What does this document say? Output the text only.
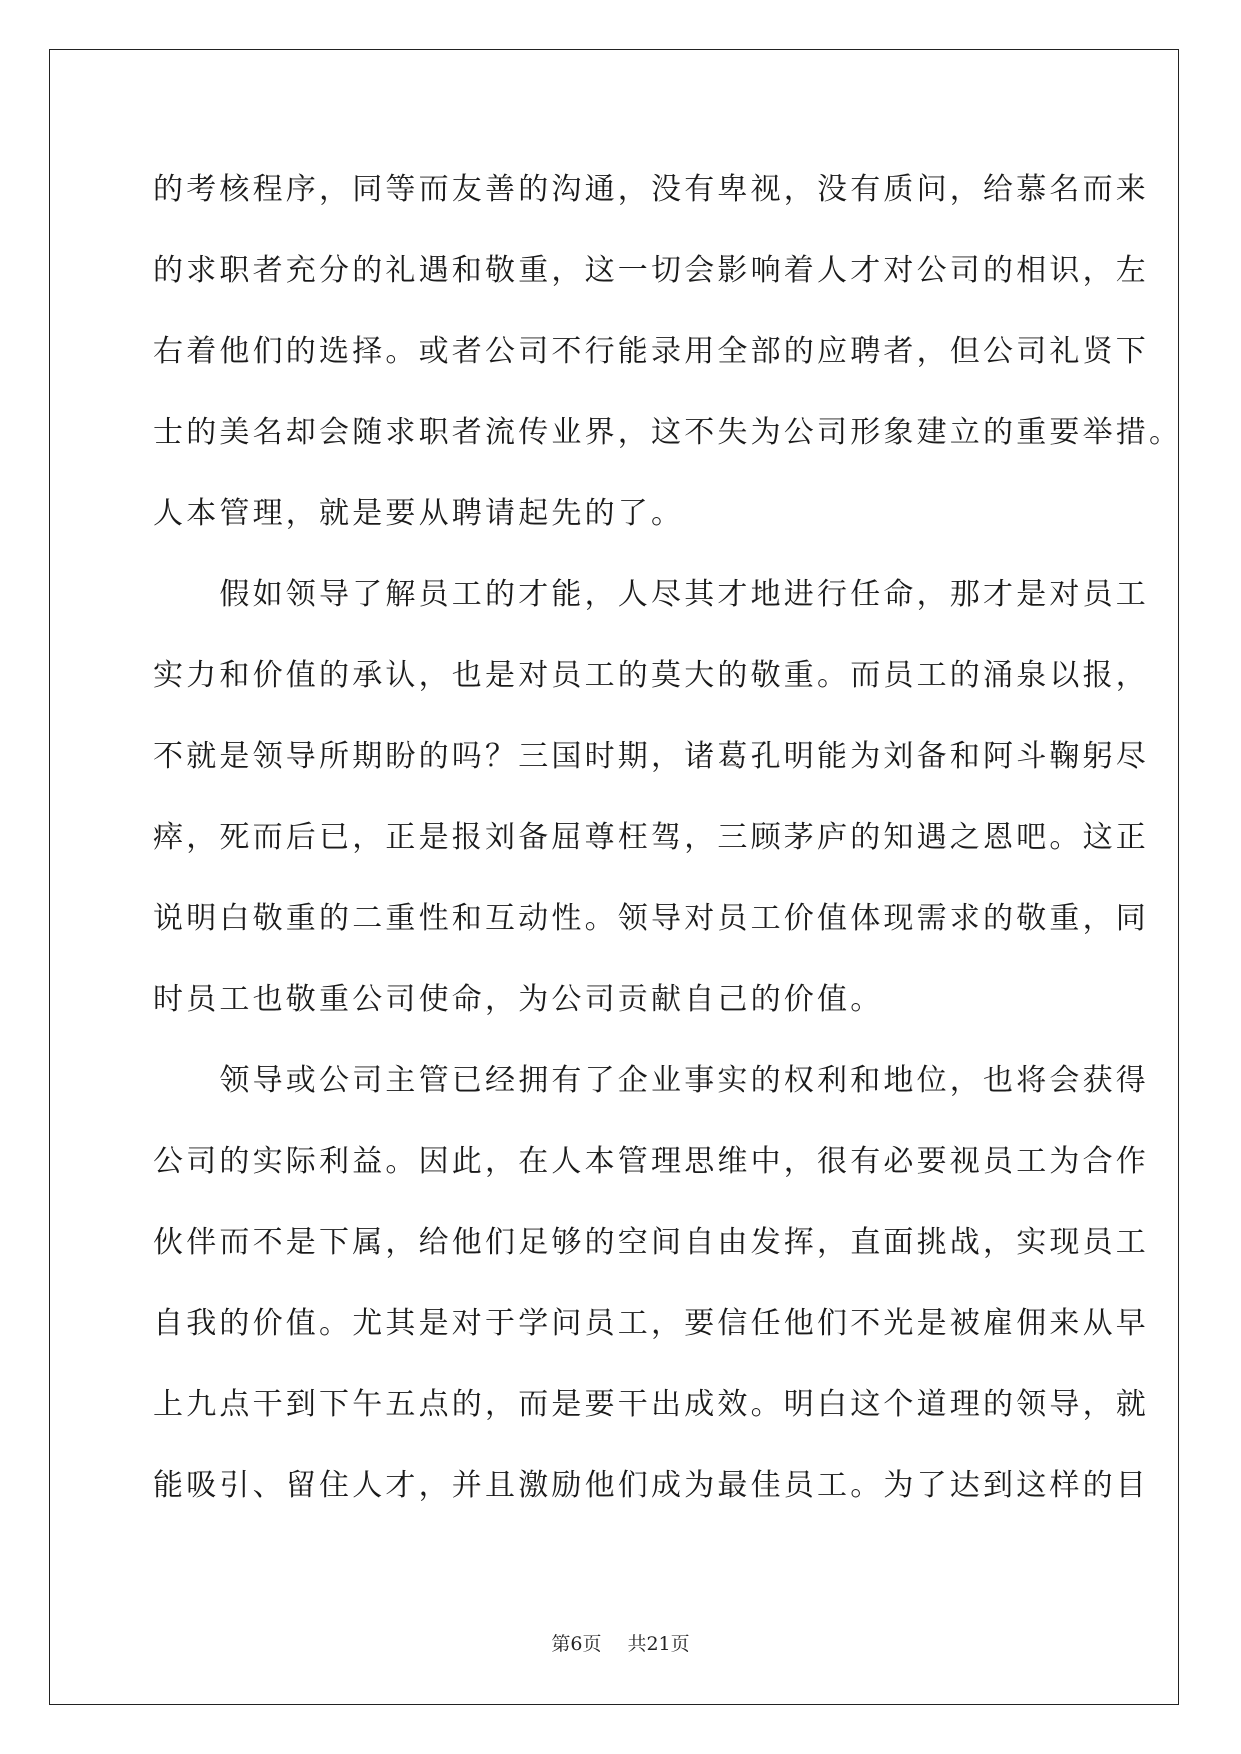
的考核程序，同等而友善的沟通，没有卑视，没有质问，给慕名而来
的求职者充分的礼遇和敬重，这一切会影响着人才对公司的相识，左
右着他们的选择。或者公司不行能录用全部的应聘者，但公司礼贤下
士的美名却会随求职者流传业界，这不失为公司形象建立的重要举措。
人本管理，就是要从聘请起先的了。
　　假如领导了解员工的才能，人尽其才地进行任命，那才是对员工
实力和价值的承认，也是对员工的莫大的敬重。而员工的涌泉以报，
不就是领导所期盼的吗？三国时期，诸葛孔明能为刘备和阿斗鞠躬尽
瘁，死而后已，正是报刘备屈尊枉驾，三顾茅庐的知遇之恩吧。这正
说明白敬重的二重性和互动性。领导对员工价值体现需求的敬重，同
时员工也敬重公司使命，为公司贡献自己的价值。
　　领导或公司主管已经拥有了企业事实的权利和地位，也将会获得
公司的实际利益。因此，在人本管理思维中，很有必要视员工为合作
伙伴而不是下属，给他们足够的空间自由发挥，直面挑战，实现员工
自我的价值。尤其是对于学问员工，要信任他们不光是被雇佣来从早
上九点干到下午五点的，而是要干出成效。明白这个道理的领导，就
能吸引、留住人才，并且激励他们成为最佳员工。为了达到这样的目
第6页 共21页
